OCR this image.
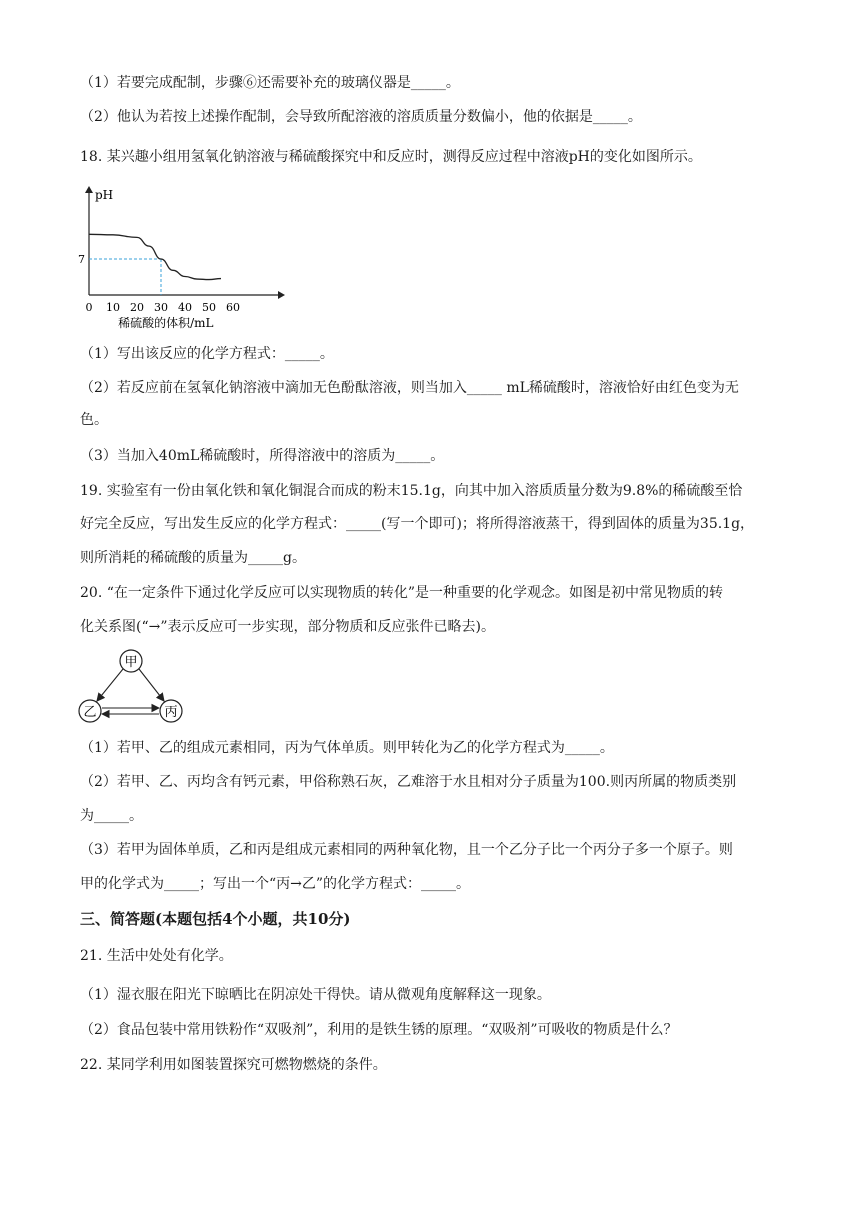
（1）若要完成配制，步骤⑥还需要补充的玻璃仪器是_____。
（2）他认为若按上述操作配制，会导致所配溶液的溶质质量分数偏小，他的依据是_____。
18. 某兴趣小组用氢氧化钠溶液与稀硫酸探究中和反应时，测得反应过程中溶液pH的变化如图所示。
pH
0 10 20 30 40 50 60
7
稀硫酸的体积/mL
（1）写出该反应的化学方程式：_____。
（2）若反应前在氢氧化钠溶液中滴加无色酚酞溶液，则当加入_____ mL稀硫酸时，溶液恰好由红色变为无
色。
（3）当加入40mL稀硫酸时，所得溶液中的溶质为_____。
19. 实验室有一份由氧化铁和氧化铜混合而成的粉末15.1g，向其中加入溶质质量分数为9.8%的稀硫酸至恰
好完全反应，写出发生反应的化学方程式：_____(写一个即可)；将所得溶液蒸干，得到固体的质量为35.1g，
则所消耗的稀硫酸的质量为_____g。
20. “在一定条件下通过化学反应可以实现物质的转化”是一种重要的化学观念。如图是初中常见物质的转
化关系图(“→”表示反应可一步实现，部分物质和反应张件已略去)。
甲
乙	丙
（1）若甲、乙的组成元素相同，丙为气体单质。则甲转化为乙的化学方程式为_____。
（2）若甲、乙、丙均含有钙元素，甲俗称熟石灰，乙难溶于水且相对分子质量为100.则丙所属的物质类别
为_____。
（3）若甲为固体单质，乙和丙是组成元素相同的两种氧化物，且一个乙分子比一个丙分子多一个原子。则
甲的化学式为_____；写出一个“丙→乙”的化学方程式：_____。
三、简答题(本题包括4个小题，共10分)
21. 生活中处处有化学。
（1）湿衣服在阳光下晾晒比在阴凉处干得快。请从微观角度解释这一现象。
（2）食品包装中常用铁粉作“双吸剂”，利用的是铁生锈的原理。“双吸剂”可吸收的物质是什么？
22. 某同学利用如图装置探究可燃物燃烧的条件。
